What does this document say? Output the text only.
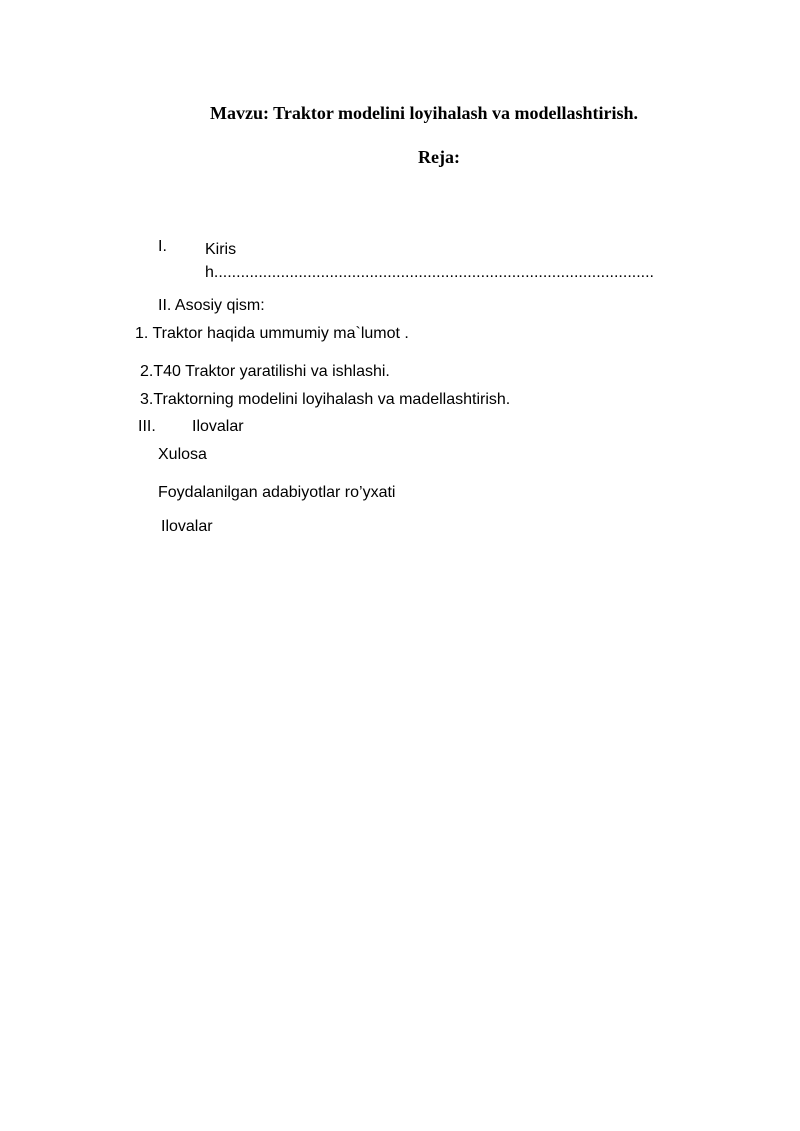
Mavzu: Traktor modelini loyihalash va modellashtirish.
Reja:
I. Kirish...................................................................................................
II. Asosiy qism:
1. Traktor haqida ummumiy ma`lumot .
2.T40 Traktor yaratilishi va ishlashi.
3.Traktorning modelini loyihalash va madellashtirish.
III. Ilovalar
Xulosa
Foydalanilgan adabiyotlar ro’yxati
Ilovalar
